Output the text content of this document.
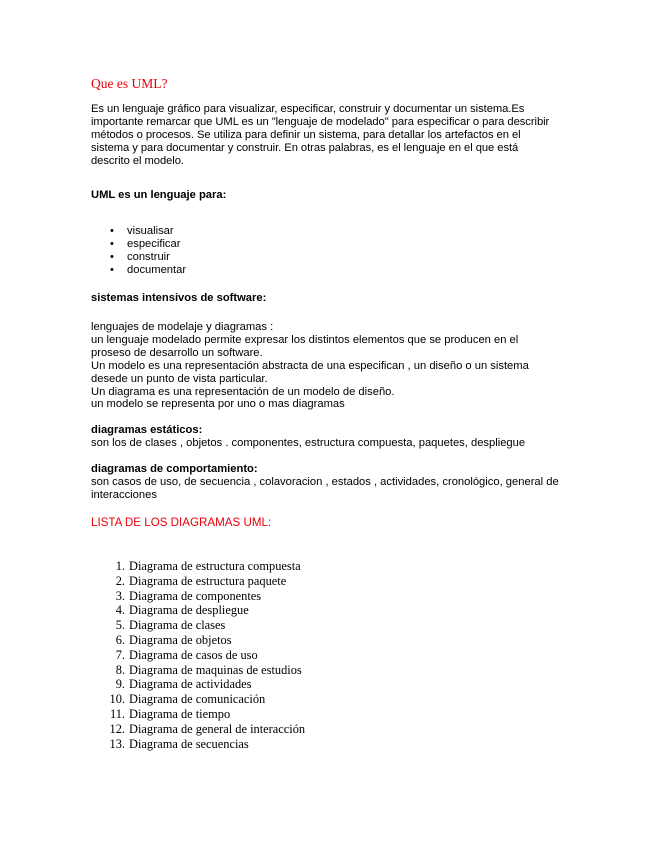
Que es UML?
Es un lenguaje gráfico para visualizar, especificar, construir y documentar un sistema.Es
importante remarcar que UML es un "lenguaje de modelado" para especificar o para describir
métodos o procesos. Se utiliza para definir un sistema, para detallar los artefactos en el
sistema y para documentar y construir. En otras palabras, es el lenguaje en el que está
descrito el modelo.
UML es un lenguaje para:
• visualisar
• especificar
• construir
• documentar
sistemas intensivos de software:
lenguajes de modelaje y diagramas :
un lenguaje modelado permite expresar los distintos elementos que se producen en el
proseso de desarrollo un software.
Un modelo es una representación abstracta de una especifican , un diseño o un sistema
desede un punto de vista particular.
Un diagrama es una representación de un modelo de diseño.
un modelo se representa por uno o mas diagramas
diagramas estáticos:
son los de clases , objetos . componentes, estructura compuesta, paquetes, despliegue
diagramas de comportamiento:
son casos de uso, de secuencia , colavoracion , estados , actividades, cronológico, general de
interacciones
LISTA DE LOS DIAGRAMAS UML:
1. Diagrama de estructura compuesta
2. Diagrama de estructura paquete
3. Diagrama de componentes
4. Diagrama de despliegue
5. Diagrama de clases
6. Diagrama de objetos
7. Diagrama de casos de uso
8. Diagrama de maquinas de estudios
9. Diagrama de actividades
10. Diagrama de comunicación
11. Diagrama de tiempo
12. Diagrama de general de interacción
13. Diagrama de secuencias
